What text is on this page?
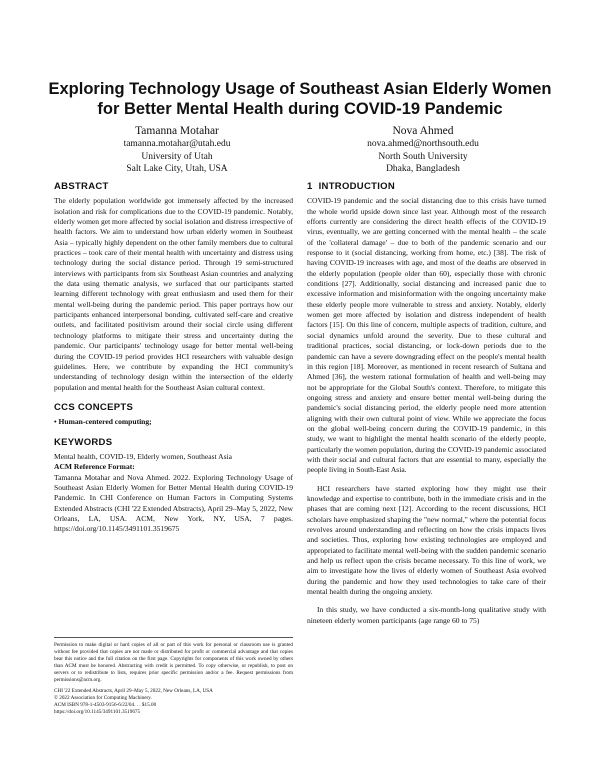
Exploring Technology Usage of Southeast Asian Elderly Women for Better Mental Health during COVID-19 Pandemic
Tamanna Motahar
tamanna.motahar@utah.edu
University of Utah
Salt Lake City, Utah, USA
Nova Ahmed
nova.ahmed@northsouth.edu
North South University
Dhaka, Bangladesh
ABSTRACT

The elderly population worldwide got immensely affected by the increased isolation and risk for complications due to the COVID-19 pandemic. Notably, elderly women get more affected by social isolation and distress irrespective of health factors. We aim to understand how urban elderly women in Southeast Asia – typically highly dependent on the other family members due to cultural practices – took care of their mental health with uncertainty and distress using technology during the social distance period. Through 19 semi-structured interviews with participants from six Southeast Asian countries and analyzing the data using thematic analysis, we surfaced that our participants started learning different technology with great enthusiasm and used them for their mental well-being during the pandemic period. This paper portrays how our participants enhanced interpersonal bonding, cultivated self-care and creative outlets, and facilitated positivism around their social circle using different technology platforms to mitigate their stress and uncertainty during the pandemic. Our participants' technology usage for better mental well-being during the COVID-19 period provides HCI researchers with valuable design guidelines. Here, we contribute by expanding the HCI community's understanding of technology design within the intersection of the elderly population and mental health for the Southeast Asian cultural context.

CCS CONCEPTS

• Human-centered computing;

KEYWORDS

Mental health, COVID-19, Elderly women, Southeast Asia

ACM Reference Format:

Tamanna Motahar and Nova Ahmed. 2022. Exploring Technology Usage of Southeast Asian Elderly Women for Better Mental Health during COVID-19 Pandemic. In CHI Conference on Human Factors in Computing Systems Extended Abstracts (CHI '22 Extended Abstracts), April 29–May 5, 2022, New Orleans, LA, USA. ACM, New York, NY, USA, 7 pages. https://doi.org/10.1145/3491101.3519675

Permission to make digital or hard copies of all or part of this work for personal or classroom use is granted without fee provided that copies are not made or distributed for profit or commercial advantage and that copies bear this notice and the full citation on the first page. Copyrights for components of this work owned by others than ACM must be honored. Abstracting with credit is permitted. To copy otherwise, or republish, to post on servers or to redistribute to lists, requires prior specific permission and/or a fee. Request permissions from permissions@acm.org.

CHI '22 Extended Abstracts, April 29–May 5, 2022, New Orleans, LA, USA

© 2022 Association for Computing Machinery.

ACM ISBN 978-1-4503-9156-6/22/04. . . $15.00

https://doi.org/10.1145/3491101.3519675

1 INTRODUCTION

COVID-19 pandemic and the social distancing due to this crisis have turned the whole world upside down since last year. Although most of the research efforts currently are considering the direct health effects of the COVID-19 virus, eventually, we are getting concerned with the mental health – the scale of the 'collateral damage' – due to both of the pandemic scenario and our response to it (social distancing, working from home, etc.) [38]. The risk of having COVID-19 increases with age, and most of the deaths are observed in the elderly population (people older than 60), especially those with chronic conditions [27]. Additionally, social distancing and increased panic due to excessive information and misinformation with the ongoing uncertainty make these elderly people more vulnerable to stress and anxiety. Notably, elderly women get more affected by isolation and distress independent of health factors [15]. On this line of concern, multiple aspects of tradition, culture, and social dynamics unfold around the severity. Due to these cultural and traditional practices, social distancing, or lock-down periods due to the pandemic can have a severe downgrading effect on the people's mental health in this region [18]. Moreover, as mentioned in recent research of Sultana and Ahmed [36], the western rational formulation of health and well-being may not be appropriate for the Global South's context. Therefore, to mitigate this ongoing stress and anxiety and ensure better mental well-being during the pandemic's social distancing period, the elderly people need more attention aligning with their own cultural point of view. While we appreciate the focus on the global well-being concern during the COVID-19 pandemic, in this study, we want to highlight the mental health scenario of the elderly people, particularly the women population, during the COVID-19 pandemic associated with their social and cultural factors that are essential to many, especially the people living in South-East Asia.

HCI researchers have started exploring how they might use their knowledge and expertise to contribute, both in the immediate crisis and in the phases that are coming next [12]. According to the recent discussions, HCI scholars have emphasized shaping the "new normal," where the potential focus revolves around understanding and reflecting on how the crisis impacts lives and societies. Thus, exploring how existing technologies are employed and appropriated to facilitate mental well-being with the sudden pandemic scenario and help us reflect upon the crisis became necessary. To this line of work, we aim to investigate how the lives of elderly women of Southeast Asia evolved during the pandemic and how they used technologies to take care of their mental health during the ongoing anxiety.

In this study, we have conducted a six-month-long qualitative study with nineteen elderly women participants (age range 60 to 75)
